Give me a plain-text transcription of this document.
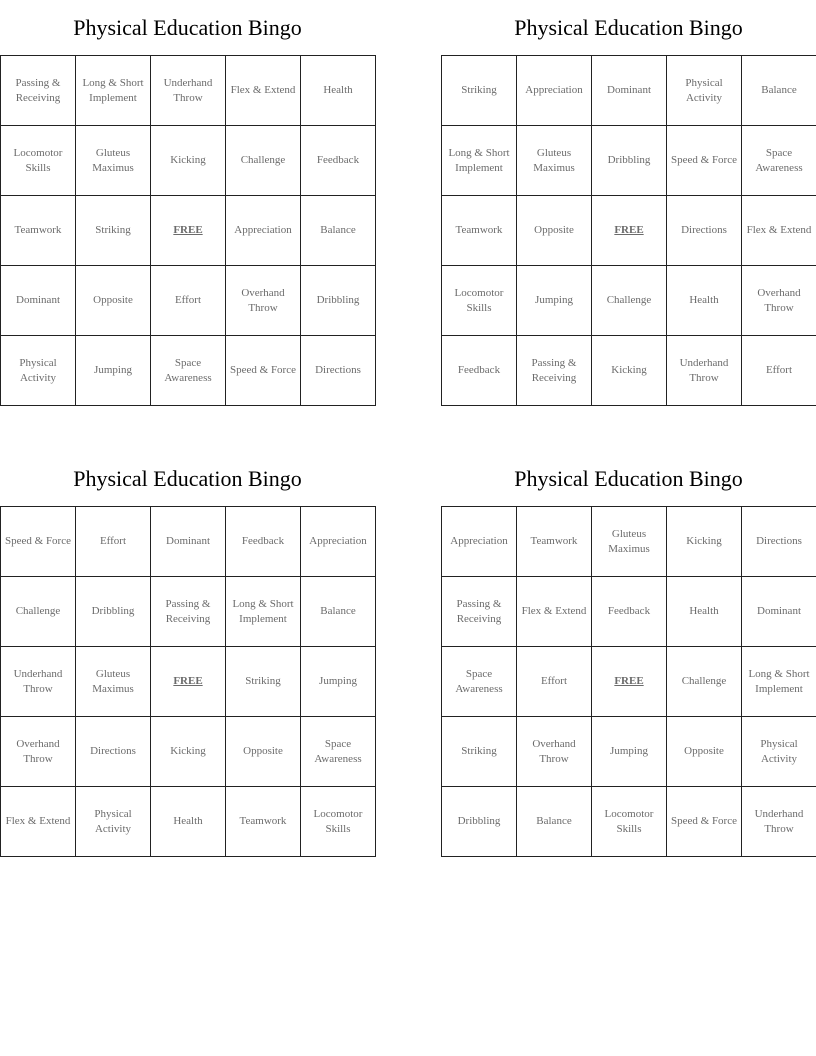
Physical Education Bingo
Passing & Receiving	Long & Short Implement	Underhand Throw	Flex & Extend	Health
Locomotor Skills	Gluteus Maximus	Kicking	Challenge	Feedback
Teamwork	Striking	FREE	Appreciation	Balance
Dominant	Opposite	Effort	Overhand Throw	Dribbling
Physical Activity	Jumping	Space Awareness	Speed & Force	Directions
Physical Education Bingo
Striking	Appreciation	Dominant	Physical Activity	Balance
Long & Short Implement	Gluteus Maximus	Dribbling	Speed & Force	Space Awareness
Teamwork	Opposite	FREE	Directions	Flex & Extend
Locomotor Skills	Jumping	Challenge	Health	Overhand Throw
Feedback	Passing & Receiving	Kicking	Underhand Throw	Effort
Physical Education Bingo
Speed & Force	Effort	Dominant	Feedback	Appreciation
Challenge	Dribbling	Passing & Receiving	Long & Short Implement	Balance
Underhand Throw	Gluteus Maximus	FREE	Striking	Jumping
Overhand Throw	Directions	Kicking	Opposite	Space Awareness
Flex & Extend	Physical Activity	Health	Teamwork	Locomotor Skills
Physical Education Bingo
Appreciation	Teamwork	Gluteus Maximus	Kicking	Directions
Passing & Receiving	Flex & Extend	Feedback	Health	Dominant
Space Awareness	Effort	FREE	Challenge	Long & Short Implement
Striking	Overhand Throw	Jumping	Opposite	Physical Activity
Dribbling	Balance	Locomotor Skills	Speed & Force	Underhand Throw
